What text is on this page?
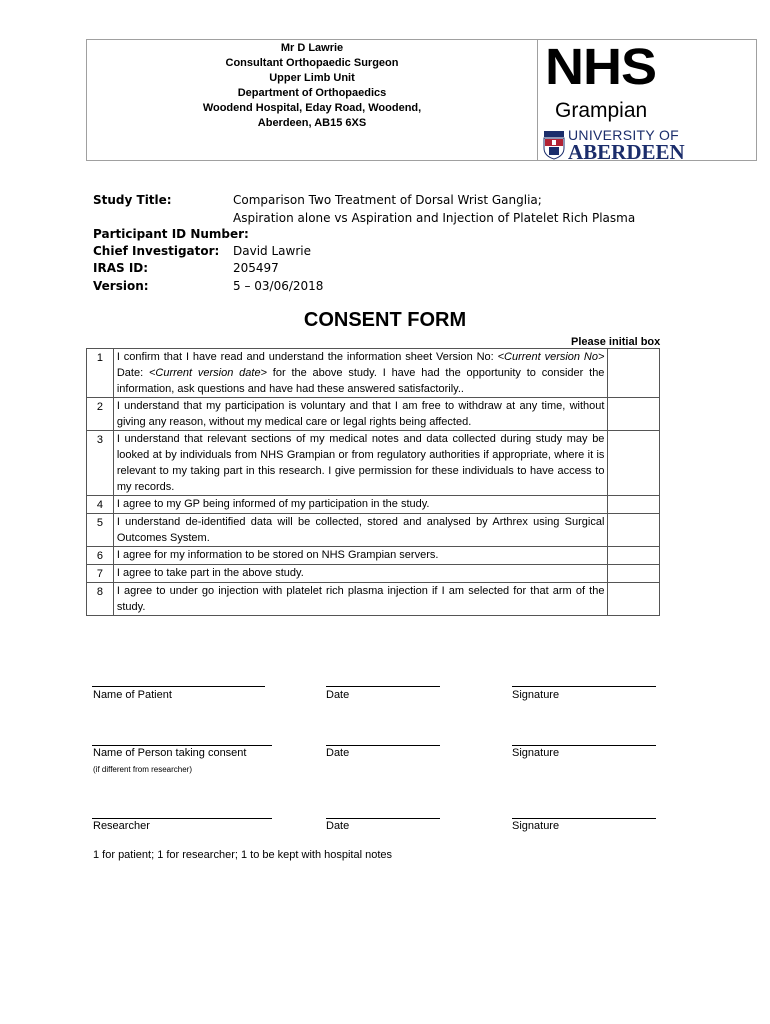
Mr D Lawrie
Consultant Orthopaedic Surgeon
Upper Limb Unit
Department of Orthopaedics
Woodend Hospital, Eday Road, Woodend,
Aberdeen, AB15 6XS
NHS
Grampian
UNIVERSITY OF
ABERDEEN
Study Title:	Comparison Two Treatment of Dorsal Wrist Ganglia;
Aspiration alone vs Aspiration and Injection of Platelet Rich Plasma
Participant ID Number:
Chief Investigator: David Lawrie
IRAS ID:	205497
Version:	5 – 03/06/2018
CONSENT FORM
Please initial box
1	I confirm that I have read and understand the information sheet Version No: <Current version No> Date: <Current version date> for the above study. I have had the opportunity to consider the information, ask questions and have had these answered satisfactorily..	
2	I understand that my participation is voluntary and that I am free to withdraw at any time, without giving any reason, without my medical care or legal rights being affected.	
3	I understand that relevant sections of my medical notes and data collected during study may be looked at by individuals from NHS Grampian or from regulatory authorities if appropriate, where it is relevant to my taking part in this research. I give permission for these individuals to have access to my records.	
4	I agree to my GP being informed of my participation in the study.	
5	I understand de-identified data will be collected, stored and analysed by Arthrex using Surgical Outcomes System.	
6	I agree for my information to be stored on NHS Grampian servers.	
7	I agree to take part in the above study.	
8	I agree to under go injection with platelet rich plasma injection if I am selected for that arm of the study.	
Name of Patient	Date	Signature
Name of Person taking consent	Date	Signature
(if different from researcher)
Researcher	Date	Signature
1 for patient; 1 for researcher; 1 to be kept with hospital notes
